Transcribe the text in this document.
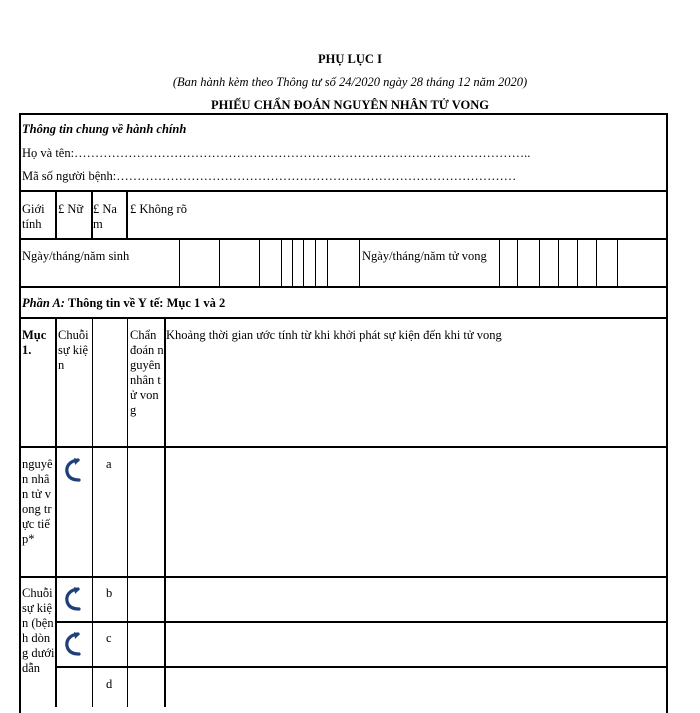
PHỤ LỤC I
(Ban hành kèm theo Thông tư số 24/2020 ngày 28 tháng 12 năm 2020)
PHIẾU CHẨN ĐOÁN NGUYÊN NHÂN TỬ VONG
Thông tin chung về hành chính
Họ và tên:………………………………………………………………………………………………..
Mã số người bệnh:……………………………………………………………………………………
Giới tính
£ Nữ £ Nam
£ Không rõ
Ngày/tháng/năm sinh	Ngày/tháng/năm tử vong
Phần A: Thông tin về Y tế: Mục 1 và 2
Mục 1.
Chuỗi sự kiện
Chẩn đoán nguyên nhân tử vong
Khoảng thời gian ước tính từ khi khởi phát sự kiện đến khi tử vong
nguyên nhân tử vong trực tiếp*
Chuỗi sự kiện (bệnh dòng dưới dẫn
a
b
c
d
